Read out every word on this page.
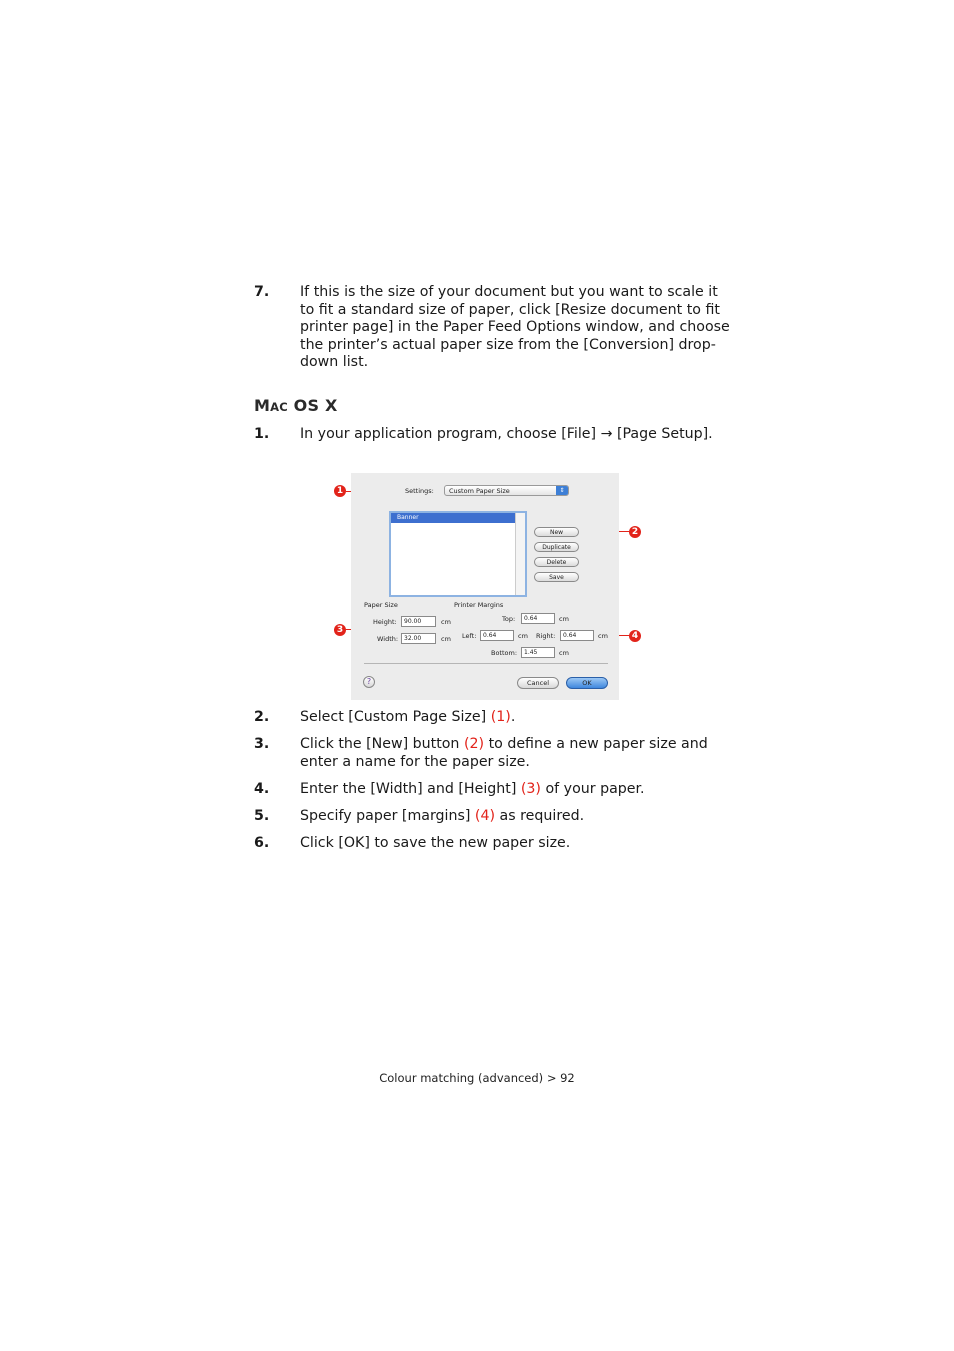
7. If this is the size of your document but you want to scale it to fit a standard size of paper, click [Resize document to fit printer page] in the Paper Feed Options window, and choose the printer’s actual paper size from the [Conversion] drop-down list.
MAC OS X
1. In your application program, choose [File] → [Page Setup].
1
2
3
4
Settings: Custom Paper Size	⇕
Banner
New
Duplicate
Delete
Save
Paper Size	Printer Margins
Height:	90.00	cm
Width: 32.00	cm
Top:	0.64	cm
Left:	0.64	cm Right:	0.64	cm
Bottom:	1.45	cm
?	Cancel	OK
2. Select [Custom Page Size] (1).
3. Click the [New] button (2) to define a new paper size and enter a name for the paper size.
4. Enter the [Width] and [Height] (3) of your paper.
5. Specify paper [margins] (4) as required.
6. Click [OK] to save the new paper size.
Colour matching (advanced) > 92
